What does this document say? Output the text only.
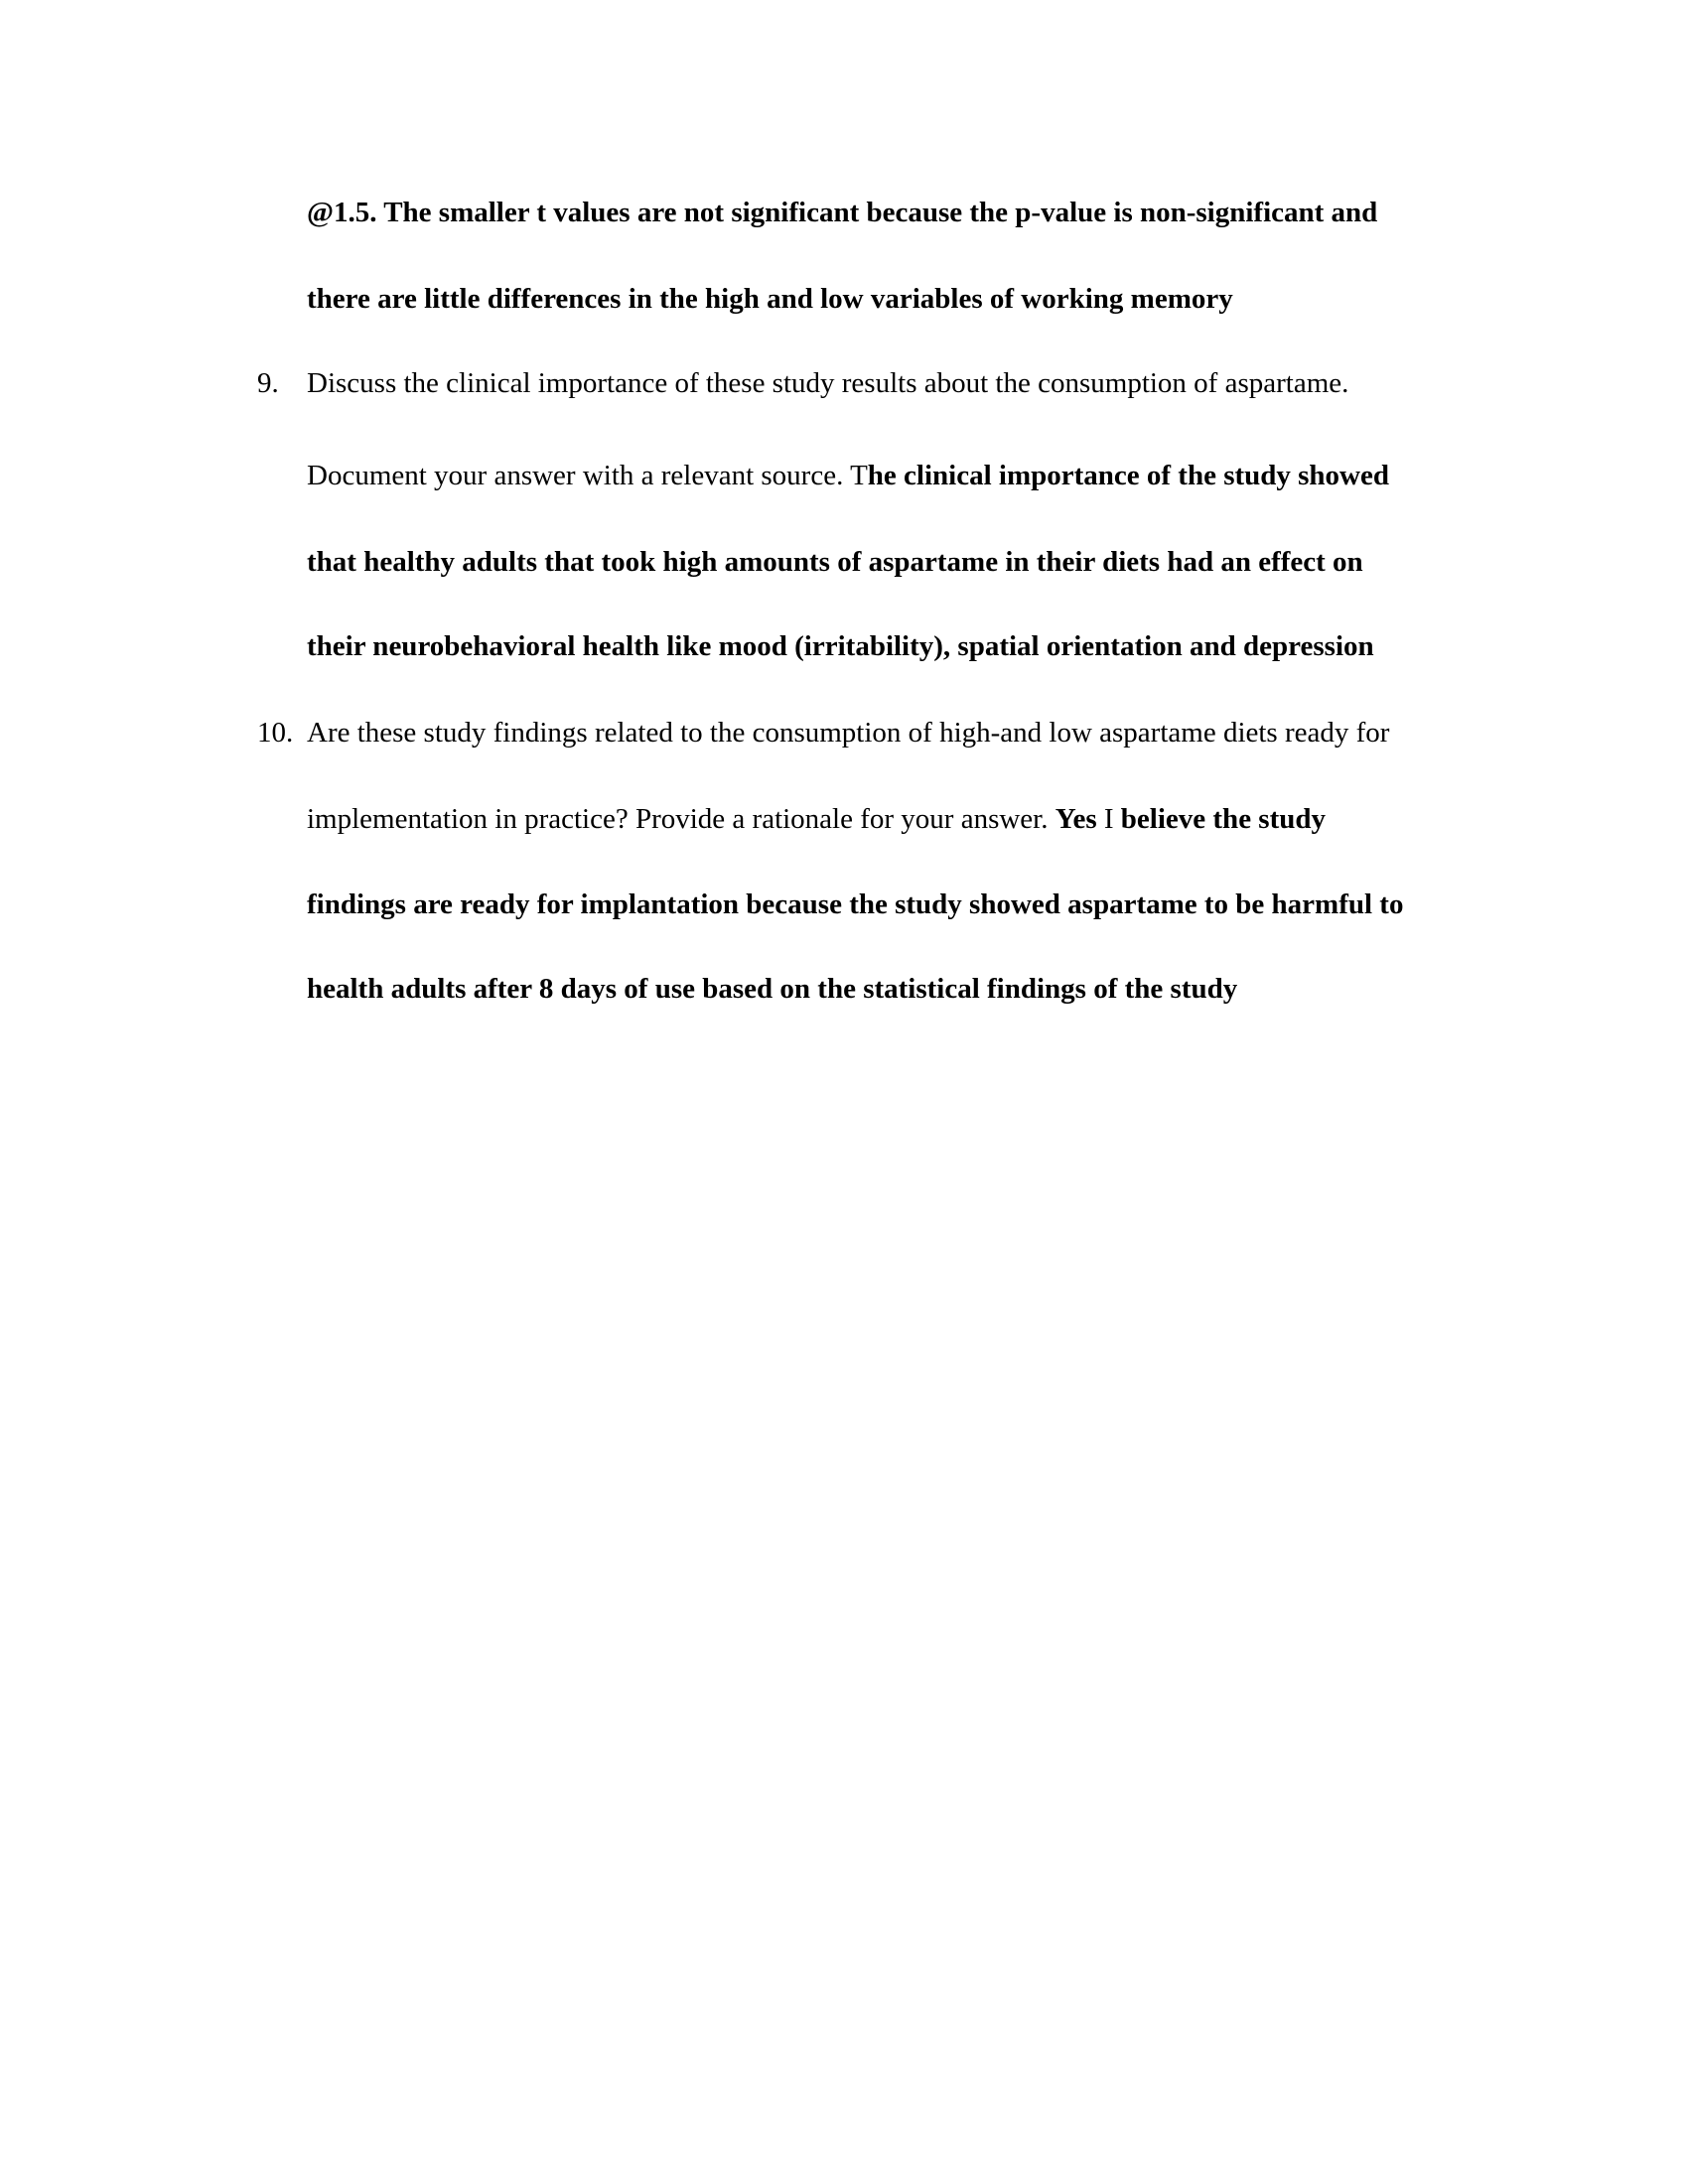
@1.5. The smaller t values are not significant because the p-value is non-significant and
there are little differences in the high and low variables of working memory
9. Discuss the clinical importance of these study results about the consumption of aspartame.
Document your answer with a relevant source. The clinical importance of the study showed
that healthy adults that took high amounts of aspartame in their diets had an effect on
their neurobehavioral health like mood (irritability), spatial orientation and depression
10. Are these study findings related to the consumption of high-and low aspartame diets ready for
implementation in practice? Provide a rationale for your answer. Yes I believe the study
findings are ready for implantation because the study showed aspartame to be harmful to
health adults after 8 days of use based on the statistical findings of the study
